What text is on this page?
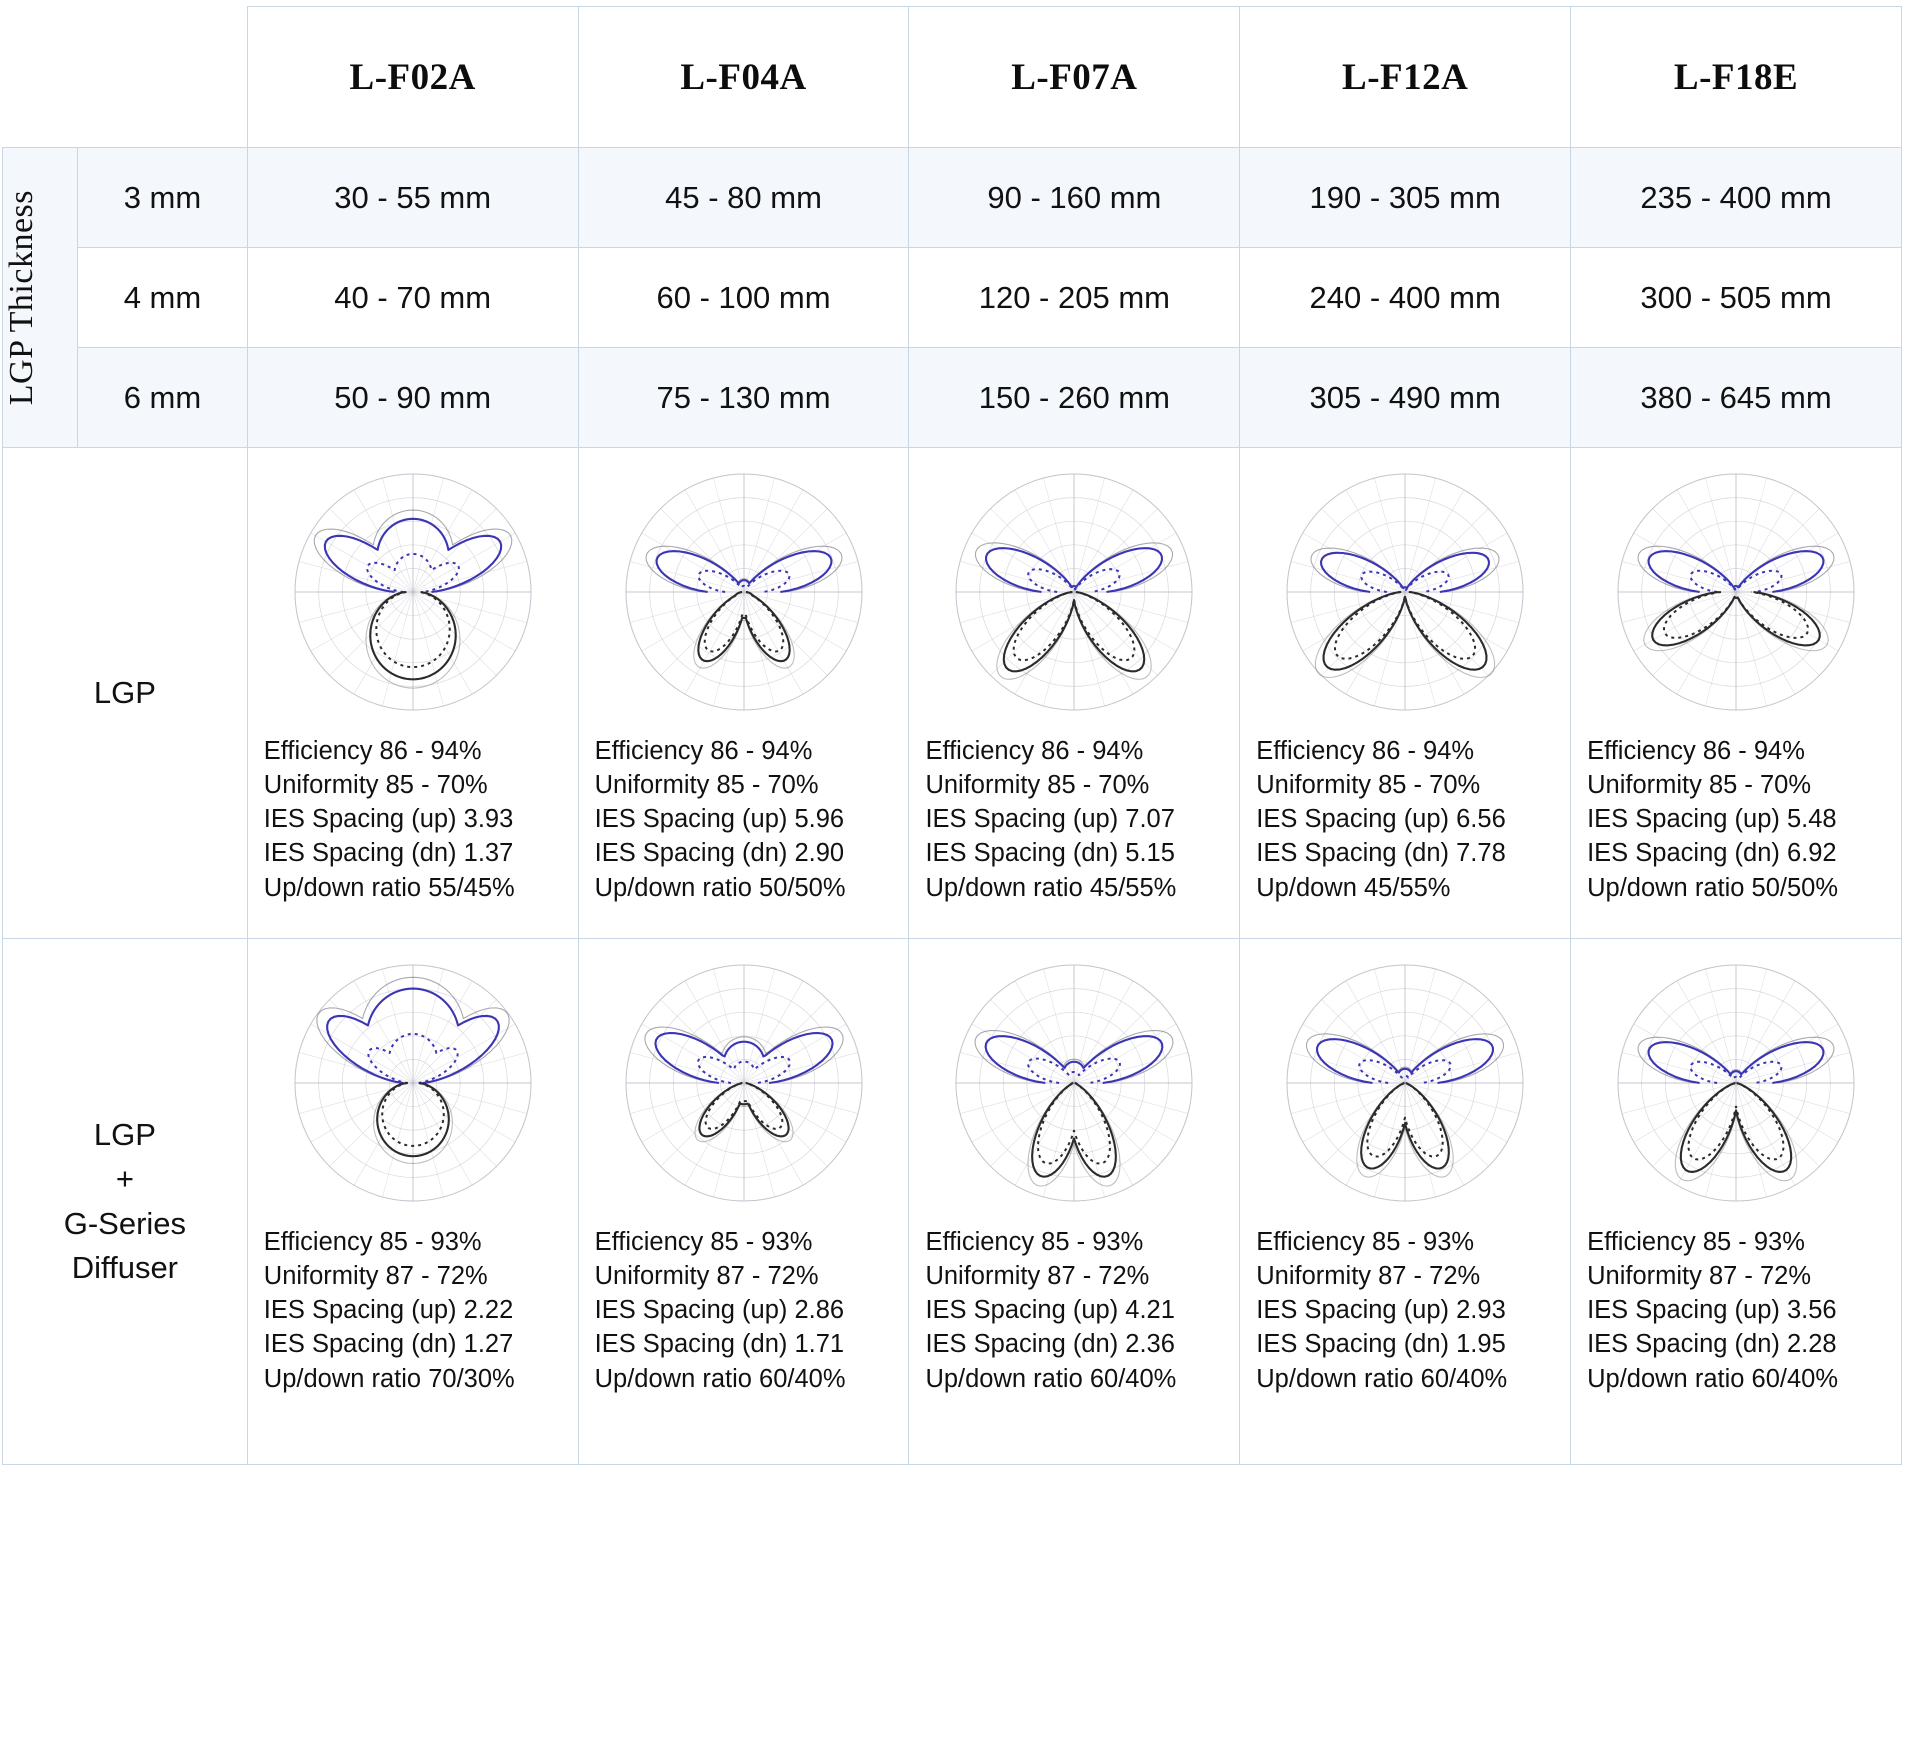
		L-F02A	L-F04A	L-F07A	L-F12A	L-F18E

LGP Thickness	3 mm	30 - 55 mm	45 - 80 mm	90 - 160 mm	190 - 305 mm	235 - 400 mm
	4 mm	40 - 70 mm	60 - 100 mm	120 - 205 mm	240 - 400 mm	300 - 505 mm
	6 mm	50 - 90 mm	75 - 130 mm	150 - 260 mm	305 - 490 mm	380 - 645 mm

LGP

Efficiency 86 - 94%
Uniformity 85 - 70%
IES Spacing (up) 3.93
IES Spacing (dn) 1.37
Up/down ratio 55/45%

Efficiency 86 - 94%
Uniformity 85 - 70%
IES Spacing (up) 5.96
IES Spacing (dn) 2.90
Up/down ratio 50/50%

Efficiency 86 - 94%
Uniformity 85 - 70%
IES Spacing (up) 7.07
IES Spacing (dn) 5.15
Up/down ratio 45/55%

Efficiency 86 - 94%
Uniformity 85 - 70%
IES Spacing (up) 6.56
IES Spacing (dn) 7.78
Up/down 45/55%

Efficiency 86 - 94%
Uniformity 85 - 70%
IES Spacing (up) 5.48
IES Spacing (dn) 6.92
Up/down ratio 50/50%

LGP
+
G-Series
Diffuser

Efficiency 85 - 93%
Uniformity 87 - 72%
IES Spacing (up) 2.22
IES Spacing (dn) 1.27
Up/down ratio 70/30%

Efficiency 85 - 93%
Uniformity 87 - 72%
IES Spacing (up) 2.86
IES Spacing (dn) 1.71
Up/down ratio 60/40%

Efficiency 85 - 93%
Uniformity 87 - 72%
IES Spacing (up) 4.21
IES Spacing (dn) 2.36
Up/down ratio 60/40%

Efficiency 85 - 93%
Uniformity 87 - 72%
IES Spacing (up) 2.93
IES Spacing (dn) 1.95
Up/down ratio 60/40%

Efficiency 85 - 93%
Uniformity 87 - 72%
IES Spacing (up) 3.56
IES Spacing (dn) 2.28
Up/down ratio 60/40%
